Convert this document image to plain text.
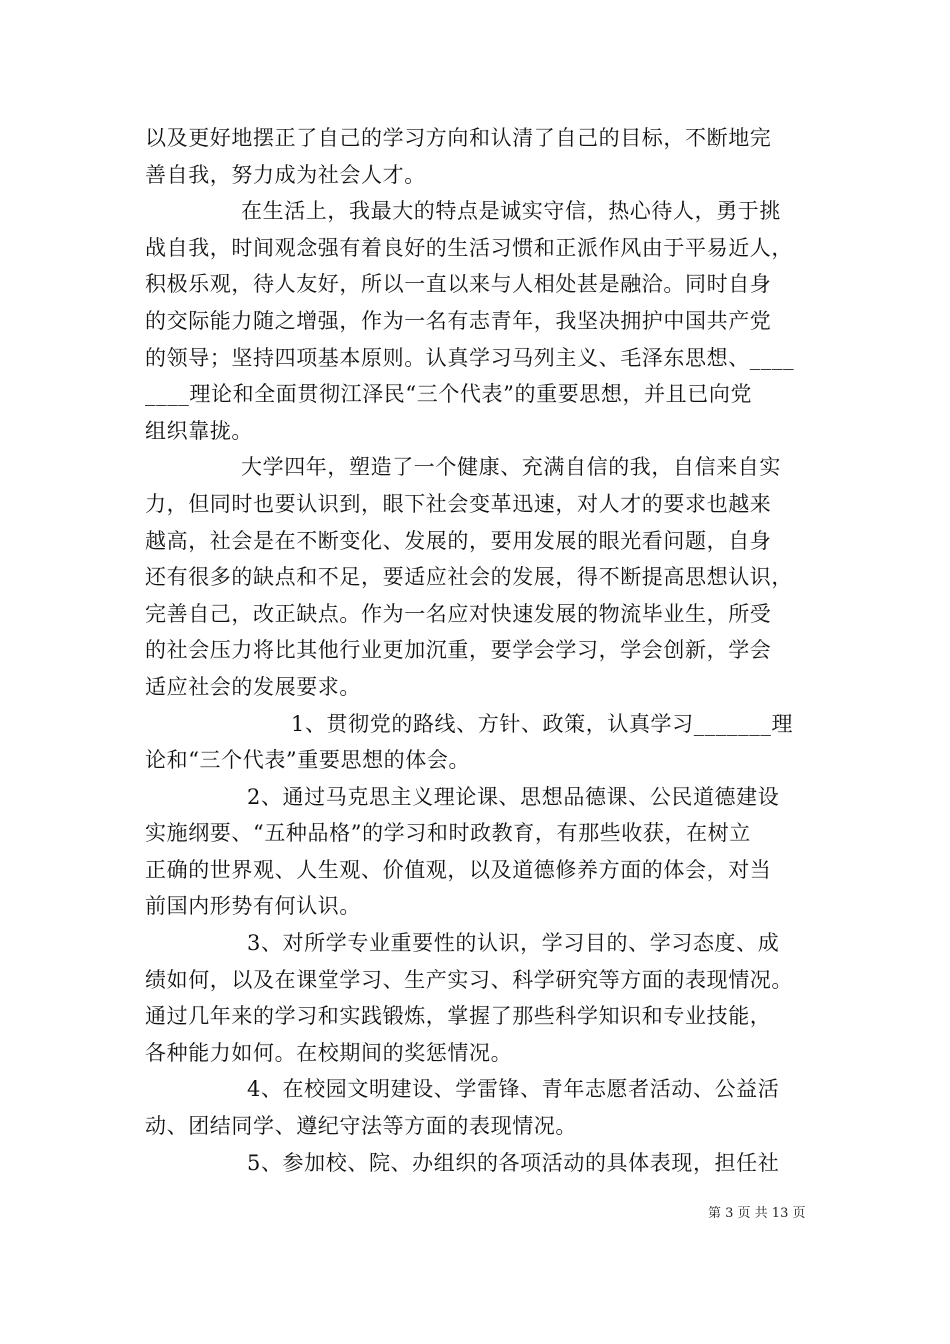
以及更好地摆正了自己的学习方向和认清了自己的目标，不断地完
善自我，努力成为社会人才。
在生活上，我最大的特点是诚实守信，热心待人，勇于挑
战自我，时间观念强有着良好的生活习惯和正派作风由于平易近人，
积极乐观，待人友好，所以一直以来与人相处甚是融洽。同时自身
的交际能力随之增强，作为一名有志青年，我坚决拥护中国共产党
的领导；坚持四项基本原则。认真学习马列主义、毛泽东思想、____
____理论和全面贯彻江泽民“三个代表”的重要思想，并且已向党
组织靠拢。
大学四年，塑造了一个健康、充满自信的我，自信来自实
力，但同时也要认识到，眼下社会变革迅速，对人才的要求也越来
越高，社会是在不断变化、发展的，要用发展的眼光看问题，自身
还有很多的缺点和不足，要适应社会的发展，得不断提高思想认识，
完善自己，改正缺点。作为一名应对快速发展的物流毕业生，所受
的社会压力将比其他行业更加沉重，要学会学习，学会创新，学会
适应社会的发展要求。
1、贯彻党的路线、方针、政策，认真学习_______理
论和“三个代表”重要思想的体会。
2、通过马克思主义理论课、思想品德课、公民道德建设
实施纲要、“五种品格”的学习和时政教育，有那些收获，在树立
正确的世界观、人生观、价值观，以及道德修养方面的体会，对当
前国内形势有何认识。
3、对所学专业重要性的认识，学习目的、学习态度、成
绩如何，以及在课堂学习、生产实习、科学研究等方面的表现情况。
通过几年来的学习和实践锻炼，掌握了那些科学知识和专业技能，
各种能力如何。在校期间的奖惩情况。
4、在校园文明建设、学雷锋、青年志愿者活动、公益活
动、团结同学、遵纪守法等方面的表现情况。
5、参加校、院、办组织的各项活动的具体表现，担任社
第 3 页 共 13 页
